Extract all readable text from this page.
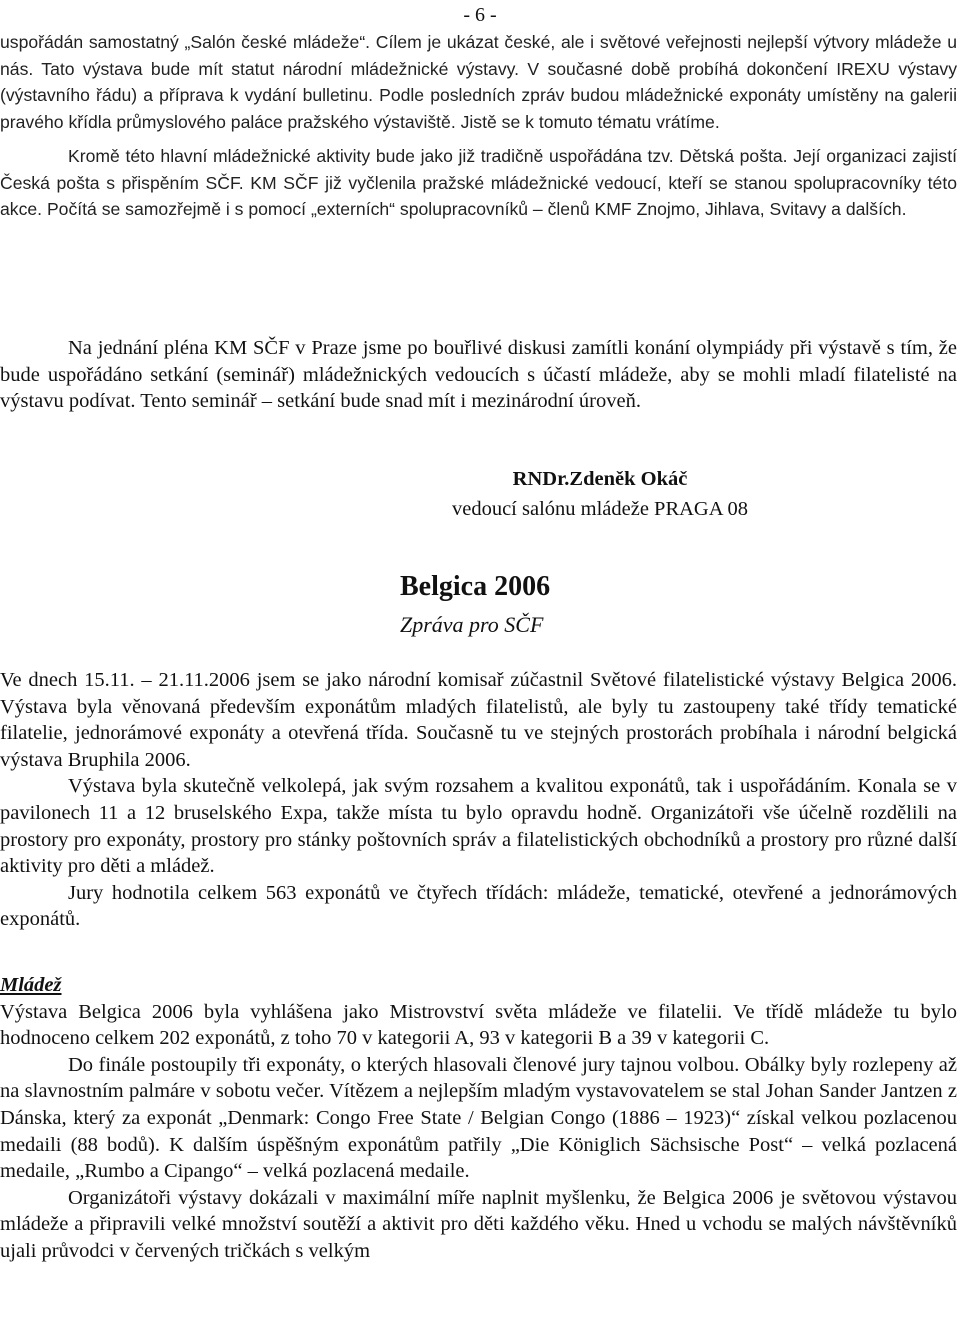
- 6 -

uspořádán samostatný „Salón české mládeže“. Cílem je ukázat české, ale i světové veřejnosti nejlepší výtvory mládeže u nás. Tato výstava bude mít statut národní mládežnické výstavy. V současné době probíhá dokončení IREXU výstavy (výstavního řádu) a příprava k vydání bulletinu. Podle posledních zpráv budou mládežnické exponáty umístěny na galerii pravého křídla průmyslového paláce pražského výstaviště. Jistě se k tomuto tématu vrátíme.

Kromě této hlavní mládežnické aktivity bude jako již tradičně uspořádána tzv. Dětská pošta. Její organizaci zajistí Česká pošta s přispěním SČF. KM SČF již vyčlenila pražské mládežnické vedoucí, kteří se stanou spolupracovníky této akce. Počítá se samozřejmě i s pomocí „externích“ spolupracovníků – členů KMF Znojmo, Jihlava, Svitavy a dalších.

Na jednání pléna KM SČF v Praze jsme po bouřlivé diskusi zamítli konání olympiády při výstavě s tím, že bude uspořádáno setkání (seminář) mládežnických vedoucích s účastí mládeže, aby se mohli mladí filatelisté na výstavu podívat. Tento seminář – setkání bude snad mít i mezinárodní úroveň.

RNDr.Zdeněk Okáč
vedoucí salónu mládeže PRAGA 08
Belgica 2006
Zpráva pro SČF

Ve dnech 15.11. – 21.11.2006 jsem se jako národní komisař zúčastnil Světové filatelistické výstavy Belgica 2006. Výstava byla věnovaná především exponátům mladých filatelistů, ale byly tu zastoupeny také třídy tematické filatelie, jednorámové exponáty a otevřená třída. Současně tu ve stejných prostorách probíhala i národní belgická výstava Bruphila 2006.

Výstava byla skutečně velkolepá, jak svým rozsahem a kvalitou exponátů, tak i uspořádáním. Konala se v pavilonech 11 a 12 bruselského Expa, takže místa tu bylo opravdu hodně. Organizátoři vše účelně rozdělili na prostory pro exponáty, prostory pro stánky poštovních správ a filatelistických obchodníků a prostory pro různé další aktivity pro děti a mládež.

Jury hodnotila celkem 563 exponátů ve čtyřech třídách: mládeže, tematické, otevřené a jednorámových exponátů.

Mládež

Výstava Belgica 2006 byla vyhlášena jako Mistrovství světa mládeže ve filatelii. Ve třídě mládeže tu bylo hodnoceno celkem 202 exponátů, z toho 70 v kategorii A, 93 v kategorii B a 39 v kategorii C.

Do finále postoupily tři exponáty, o kterých hlasovali členové jury tajnou volbou. Obálky byly rozlepeny až na slavnostním palmáre v sobotu večer. Vítězem a nejlepším mladým vystavovatelem se stal Johan Sander Jantzen z Dánska, který za exponát „Denmark: Congo Free State / Belgian Congo (1886 – 1923)“ získal velkou pozlacenou medaili (88 bodů). K dalším úspěšným exponátům patřily „Die Königlich Sächsische Post“ – velká pozlacená medaile, „Rumbo a Cipango“ – velká pozlacená medaile.

Organizátoři výstavy dokázali v maximální míře naplnit myšlenku, že Belgica 2006 je světovou výstavou mládeže a připravili velké množství soutěží a aktivit pro děti každého věku. Hned u vchodu se malých návštěvníků ujali průvodci v červených tričkách s velkým
